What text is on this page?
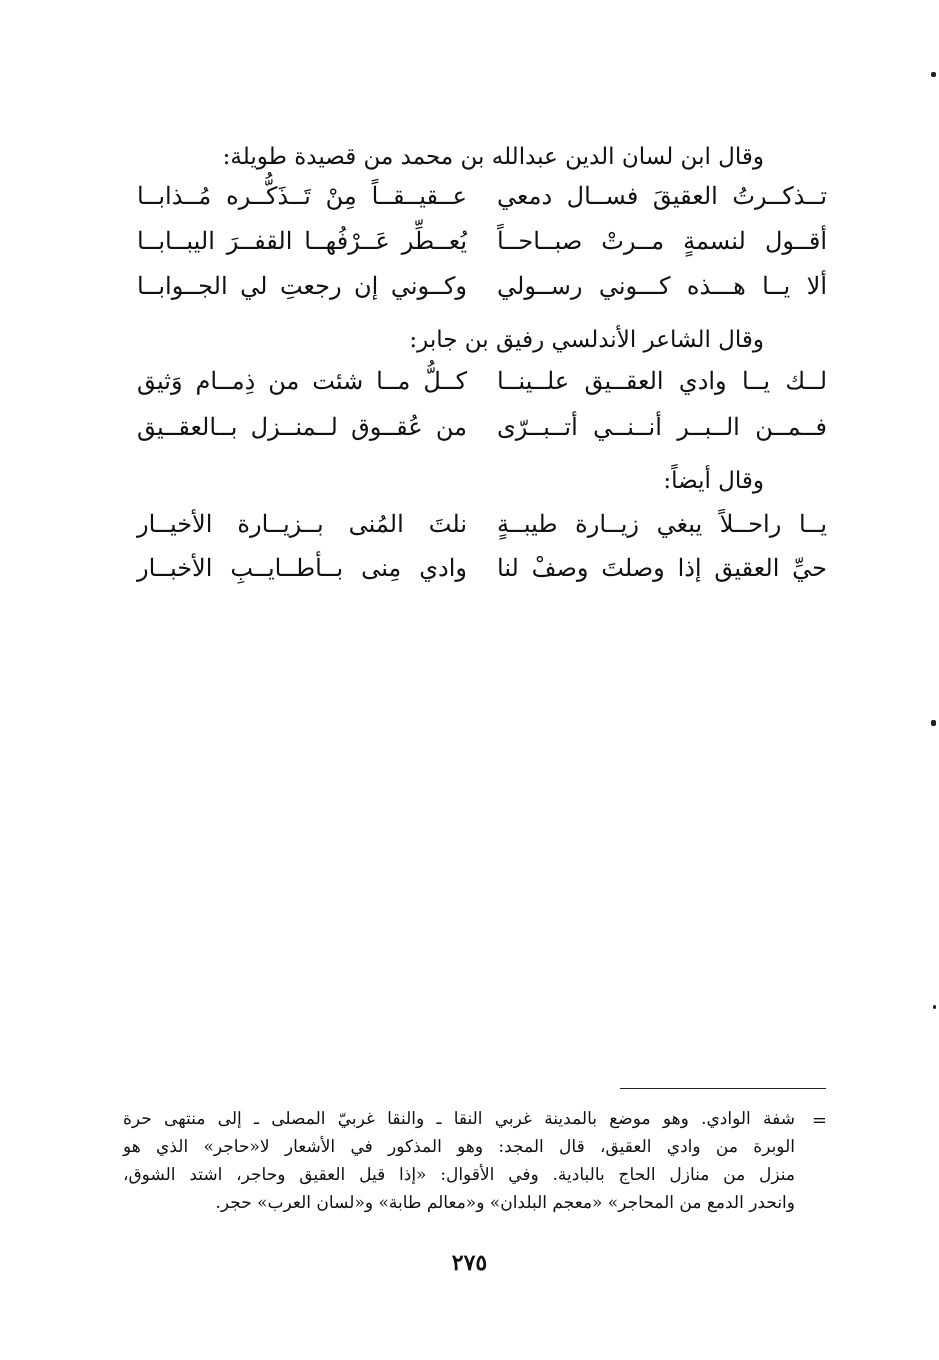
وقال ابن لسان الدين عبدالله بن محمد من قصيدة طويلة:
تــذكــرتُ العقيقَ فســال دمعي
عــقيــقــاً مِنْ تَــذَكُّــره مُــذابــا
أقــول لنسمةٍ مــرتْ صبــاحــاً
يُعــطِّر عَــرْفُهــا القفــرَ اليبــابــا
ألا يــا هـــذه كـــوني رســولي
وكــوني إن رجعتِ لي الجــوابــا
وقال الشاعر الأندلسي رفيق بن جابر:
لــك يــا وادي العقــيق علــينــا
كــلُّ مــا شئت من ذِمــام وَثيق
فــمــن الــبــر أنــنــي أتــبــرّى
من عُقــوق لــمنــزل بــالعقــيق
وقال أيضاً:
يــا راحــلاً يبغي زيــارة طيبــةٍ
نلتَ المُنى بــزيــارة الأخيــار
حيِّ العقيق إذا وصلتَ وصفْ لنا
وادي مِنى بــأطــايــبِ الأخبــار
=
شفة الوادي. وهو موضع بالمدينة غربي النقا ـ والنقا غربيّ المصلى ـ إلى منتهى حرة
الوبرة من وادي العقيق، قال المجد: وهو المذكور في الأشعار لا«حاجر» الذي هو
منزل من منازل الحاج بالبادية. وفي الأقوال: «إذا قيل العقيق وحاجر، اشتد الشوق،
وانحدر الدمع من المحاجر» «معجم البلدان» و«معالم طابة» و«لسان العرب» حجر.
٢٧٥
